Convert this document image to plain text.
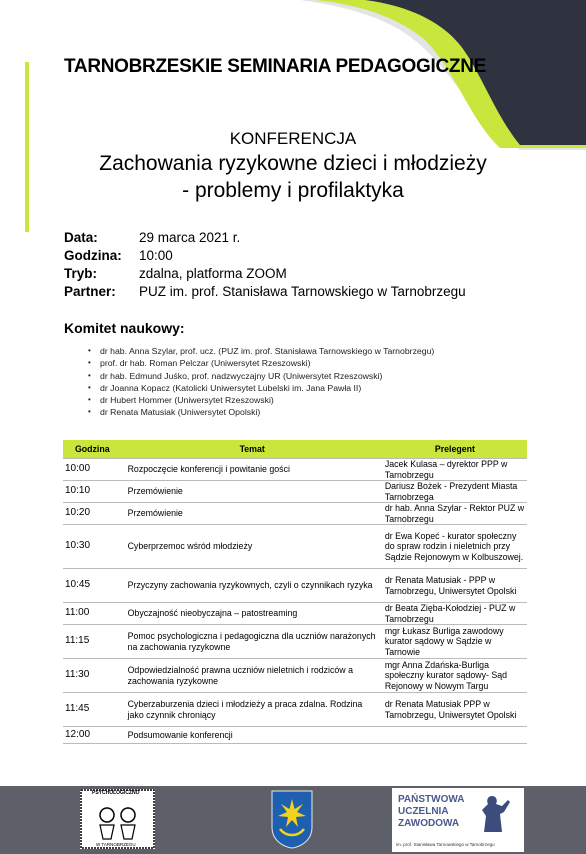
TARNOBRZESKIE SEMINARIA PEDAGOGICZNE
KONFERENCJA
Zachowania ryzykowne dzieci i młodzieży
- problemy i profilaktyka
Data:	29 marca 2021 r.
Godzina: 10:00
Tryb:	zdalna, platforma ZOOM
Partner: PUZ im. prof. Stanisława Tarnowskiego w Tarnobrzegu
Komitet naukowy:
• dr hab. Anna Szylar, prof. ucz. (PUZ im. prof. Stanisława Tarnowskiego w Tarnobrzegu)
• prof. dr hab. Roman Pelczar (Uniwersytet Rzeszowski)
• dr hab. Edmund Juśko, prof. nadzwyczajny UR (Uniwersytet Rzeszowski)
• dr Joanna Kopacz (Katolicki Uniwersytet Lubelski im. Jana Pawła II)
• dr Hubert Hommer (Uniwersytet Rzeszowski)
• dr Renata Matusiak (Uniwersytet Opolski)
Godzina	Temat	Prelegent
10:00	Rozpoczęcie konferencji i powitanie gości	Jacek Kulasa – dyrektor PPP w Tarnobrzegu
10:10	Przemówienie	Dariusz Bożek - Prezydent Miasta Tarnobrzega
10:20	Przemówienie	dr hab. Anna Szylar - Rektor PUZ w Tarnobrzegu
10:30	Cyberprzemoc wśród młodzieży	dr Ewa Kopeć - kurator społeczny do spraw rodzin i nieletnich przy Sądzie Rejonowym w Kolbuszowej.
10:45	Przyczyny zachowania ryzykownych, czyli o czynnikach ryzyka	dr Renata Matusiak - PPP w Tarnobrzegu, Uniwersytet Opolski
11:00	Obyczajność nieobyczajna – patostreaming	dr Beata Zięba-Kołodziej - PUZ w Tarnobrzegu
11:15	Pomoc psychologiczna i pedagogiczna dla uczniów narażonych na zachowania ryzykowne	mgr Łukasz Burliga zawodowy kurator sądowy w Sądzie w Tarnowie
11:30	Odpowiedzialność prawna uczniów nieletnich i rodziców a zachowania ryzykowne	mgr Anna Zdańska-Burliga społeczny kurator sądowy- Sąd Rejonowy w Nowym Targu
11:45	Cyberzaburzenia dzieci i młodzieży a praca zdalna. Rodzina jako czynnik chroniący	dr Renata Matusiak PPP w Tarnobrzegu, Uniwersytet Opolski
12:00	Podsumowanie konferencji	
PSYCHOLOGICZNO
W TARNOBRZEGU
PAŃSTWOWA
UCZELNIA
ZAWODOWA
im. prof. Stanisława Tarnowskiego w Tarnobrzegu
